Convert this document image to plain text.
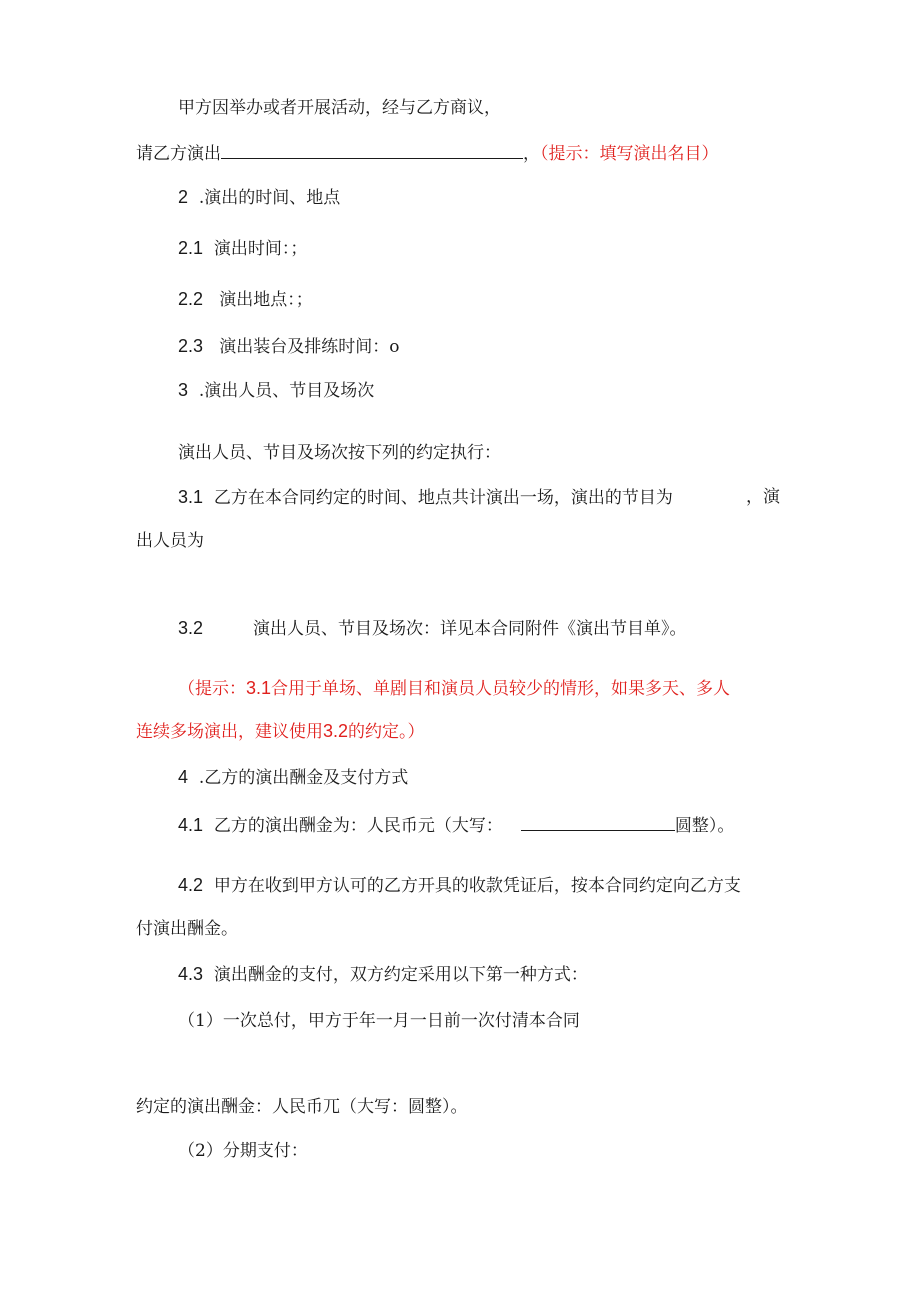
甲方因举办或者开展活动，经与乙方商议，
请乙方演出	，（提示：填写演出名目）
2 .演出的时间、地点
2.1 演出时间：；
2.2 演出地点：；
2.3 演出装台及排练时间：o
3 .演出人员、节目及场次
演出人员、节目及场次按下列的约定执行：
3.1 乙方在本合同约定的时间、地点共计演出一场，演出的节目为	，演
出人员为
3.2	演出人员、节目及场次：详见本合同附件《演出节目单》。
（提示：3.1合用于单场、单剧目和演员人员较少的情形，如果多天、多人
连续多场演出，建议使用3.2的约定。）
4 .乙方的演出酬金及支付方式
4.1 乙方的演出酬金为：人民币元（大写：	圆整）。
4.2 甲方在收到甲方认可的乙方开具的收款凭证后，按本合同约定向乙方支
付演出酬金。
4.3 演出酬金的支付，双方约定采用以下第一种方式：
（1）一次总付，甲方于年一月一日前一次付清本合同
约定的演出酬金：人民币兀（大写：圆整）。
（2）分期支付：
